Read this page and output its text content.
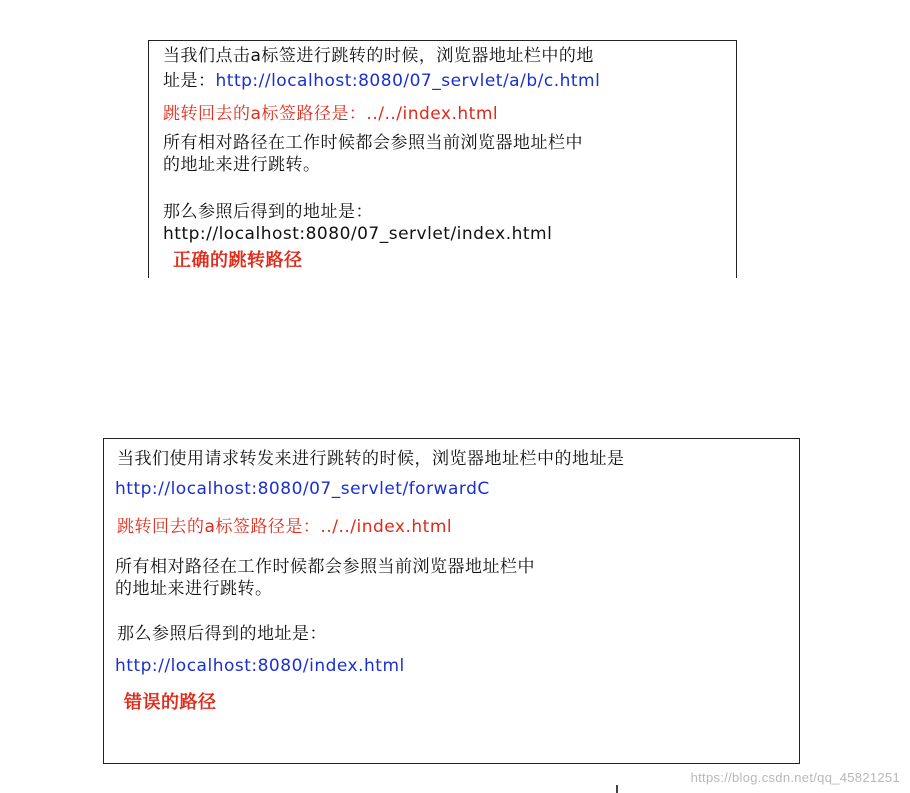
当我们点击a标签进行跳转的时候，浏览器地址栏中的地
址是：http://localhost:8080/07_servlet/a/b/c.html
跳转回去的a标签路径是：../../index.html
所有相对路径在工作时候都会参照当前浏览器地址栏中
的地址来进行跳转。
那么参照后得到的地址是：
http://localhost:8080/07_servlet/index.html
正确的跳转路径
当我们使用请求转发来进行跳转的时候，浏览器地址栏中的地址是
http://localhost:8080/07_servlet/forwardC
跳转回去的a标签路径是：../../index.html
所有相对路径在工作时候都会参照当前浏览器地址栏中
的地址来进行跳转。
那么参照后得到的地址是：
http://localhost:8080/index.html
错误的路径
https://blog.csdn.net/qq_45821251
